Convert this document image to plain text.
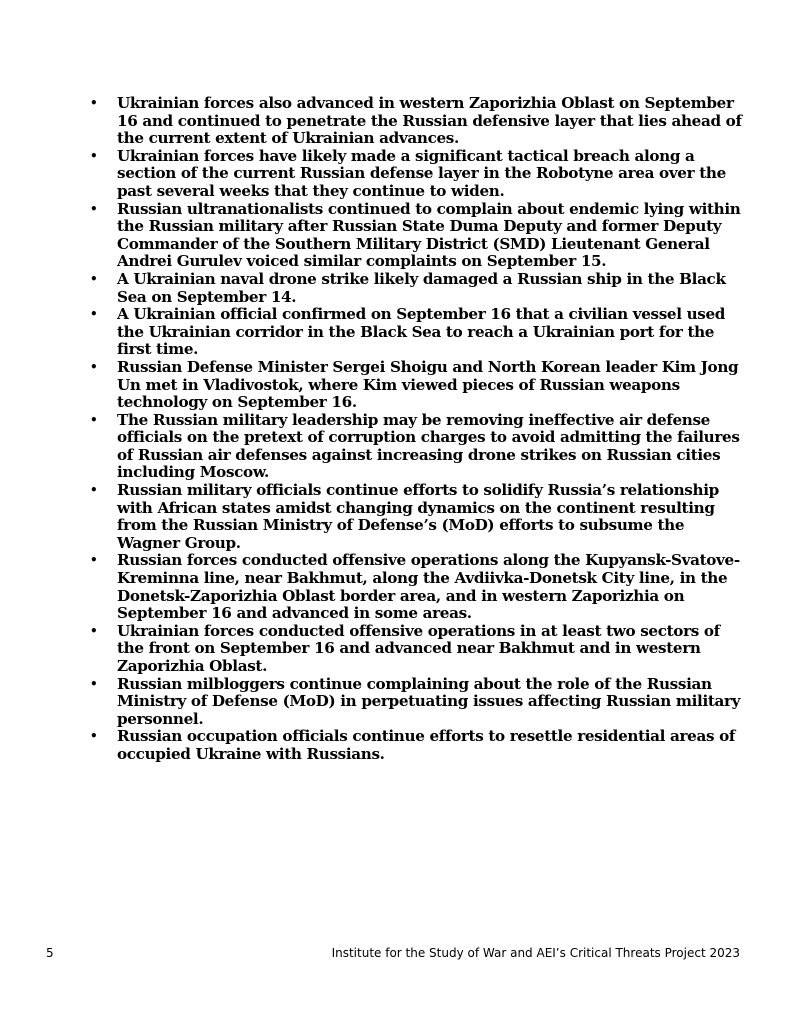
• Ukrainian forces also advanced in western Zaporizhia Oblast on September 16 and continued to penetrate the Russian defensive layer that lies ahead of the current extent of Ukrainian advances.
• Ukrainian forces have likely made a significant tactical breach along a section of the current Russian defense layer in the Robotyne area over the past several weeks that they continue to widen.
• Russian ultranationalists continued to complain about endemic lying within the Russian military after Russian State Duma Deputy and former Deputy Commander of the Southern Military District (SMD) Lieutenant General Andrei Gurulev voiced similar complaints on September 15.
• A Ukrainian naval drone strike likely damaged a Russian ship in the Black Sea on September 14.
• A Ukrainian official confirmed on September 16 that a civilian vessel used the Ukrainian corridor in the Black Sea to reach a Ukrainian port for the first time.
• Russian Defense Minister Sergei Shoigu and North Korean leader Kim Jong Un met in Vladivostok, where Kim viewed pieces of Russian weapons technology on September 16.
• The Russian military leadership may be removing ineffective air defense officials on the pretext of corruption charges to avoid admitting the failures of Russian air defenses against increasing drone strikes on Russian cities including Moscow.
• Russian military officials continue efforts to solidify Russia’s relationship with African states amidst changing dynamics on the continent resulting from the Russian Ministry of Defense’s (MoD) efforts to subsume the Wagner Group.
• Russian forces conducted offensive operations along the Kupyansk-Svatove-Kreminna line, near Bakhmut, along the Avdiivka-Donetsk City line, in the Donetsk-Zaporizhia Oblast border area, and in western Zaporizhia on September 16 and advanced in some areas.
• Ukrainian forces conducted offensive operations in at least two sectors of the front on September 16 and advanced near Bakhmut and in western Zaporizhia Oblast.
• Russian milbloggers continue complaining about the role of the Russian Ministry of Defense (MoD) in perpetuating issues affecting Russian military personnel.
• Russian occupation officials continue efforts to resettle residential areas of occupied Ukraine with Russians.
5	Institute for the Study of War and AEI’s Critical Threats Project 2023
